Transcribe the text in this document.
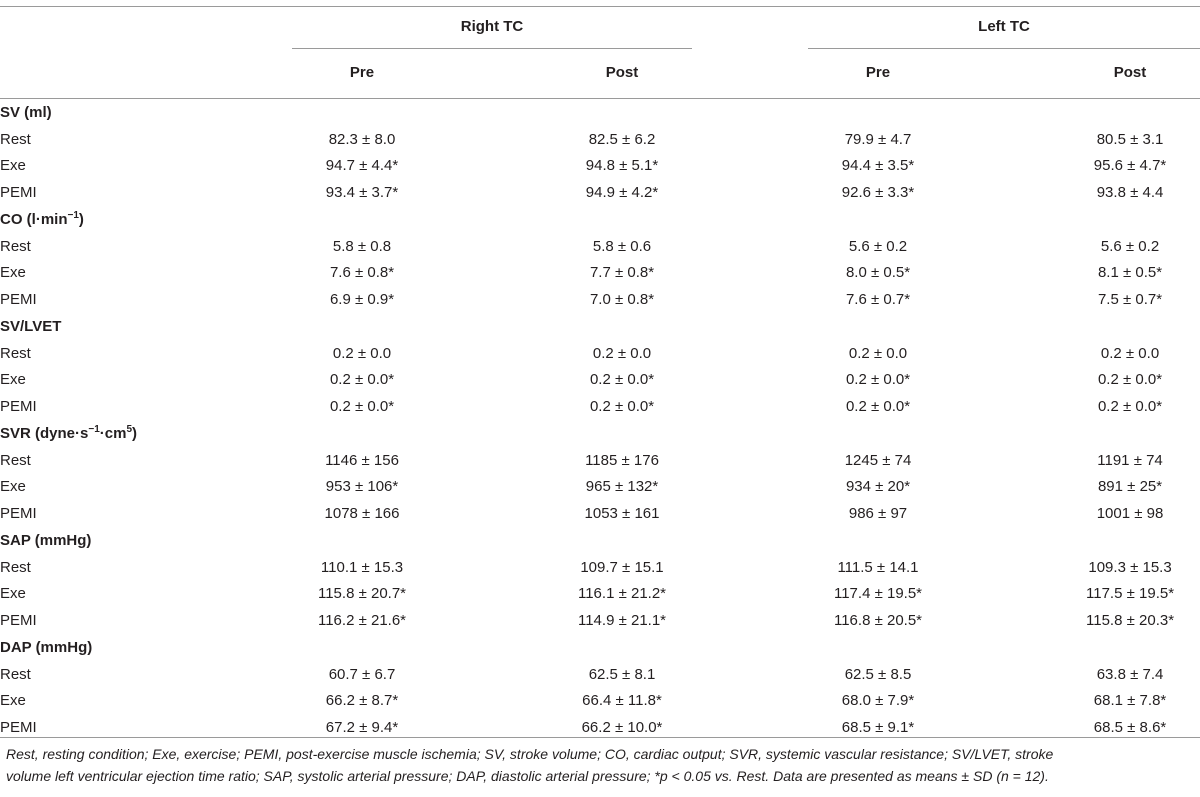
Right TC	Left TC
Pre	Post	Pre	Post
SV (ml)							
Rest	82.3 ± 8.0		82.5 ± 6.2		79.9 ± 4.7		80.5 ± 3.1
Exe	94.7 ± 4.4*		94.8 ± 5.1*		94.4 ± 3.5*		95.6 ± 4.7*
PEMI	93.4 ± 3.7*		94.9 ± 4.2*		92.6 ± 3.3*		93.8 ± 4.4
CO $(l\cdot\min^{-1})$							
Rest	5.8 ± 0.8		5.8 ± 0.6		5.6 ± 0.2		5.6 ± 0.2
Exe	7.6 ± 0.8*		7.7 ± 0.8*		8.0 ± 0.5*		8.1 ± 0.5*
PEMI	6.9 ± 0.9*		7.0 ± 0.8*		7.6 ± 0.7*		7.5 ± 0.7*
SV/LVET							
Rest	0.2 ± 0.0		0.2 ± 0.0		0.2 ± 0.0		0.2 ± 0.0
Exe	0.2 ± 0.0*		0.2 ± 0.0*		0.2 ± 0.0*		0.2 ± 0.0*
PEMI	0.2 ± 0.0*		0.2 ± 0.0*		0.2 ± 0.0*		0.2 ± 0.0*
SVR $(dyne\cdot s^{-1}\cdot cm^5)$							
Rest	1146 ± 156		1185 ± 176		1245 ± 74		1191 ± 74
Exe	953 ± 106*		965 ± 132*		934 ± 20*		891 ± 25*
PEMI	1078 ± 166		1053 ± 161		986 ± 97		1001 ± 98
SAP (mmHg)							
Rest	110.1 ± 15.3		109.7 ± 15.1		111.5 ± 14.1		109.3 ± 15.3
Exe	115.8 ± 20.7*		116.1 ± 21.2*		117.4 ± 19.5*		117.5 ± 19.5*
PEMI	116.2 ± 21.6*		114.9 ± 21.1*		116.8 ± 20.5*		115.8 ± 20.3*
DAP (mmHg)							
Rest	60.7 ± 6.7		62.5 ± 8.1		62.5 ± 8.5		63.8 ± 7.4
Exe	66.2 ± 8.7*		66.4 ± 11.8*		68.0 ± 7.9*		68.1 ± 7.8*
PEMI	67.2 ± 9.4*		66.2 ± 10.0*		68.5 ± 9.1*		68.5 ± 8.6*
Rest, resting condition; Exe, exercise; PEMI, post-exercise muscle ischemia; SV, stroke volume; CO, cardiac output; SVR, systemic vascular resistance; SV/LVET, stroke
volume left ventricular ejection time ratio; SAP, systolic arterial pressure; DAP, diastolic arterial pressure; *p < 0.05 vs. Rest. Data are presented as means ± SD (n = 12).
